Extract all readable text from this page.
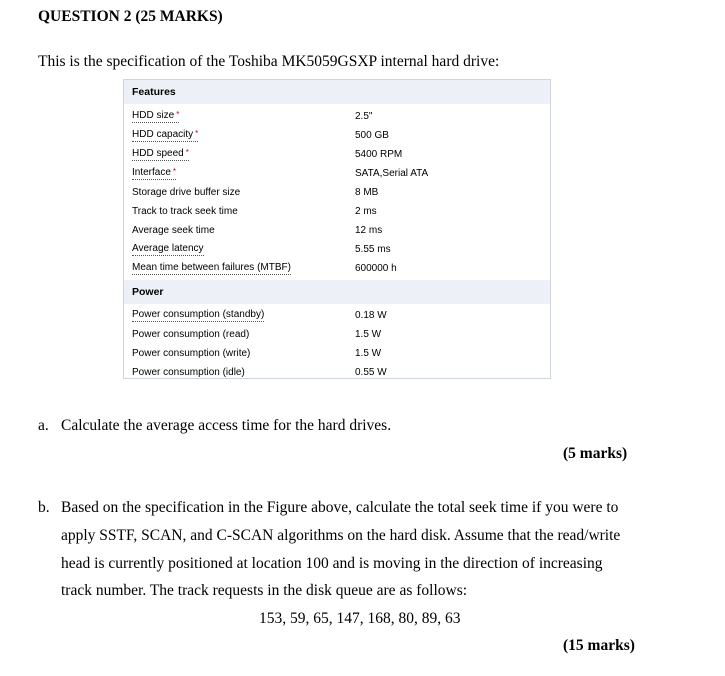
QUESTION 2 (25 MARKS)
This is the specification of the Toshiba MK5059GSXP internal hard drive:
Features
HDD size *	2.5"
HDD capacity *	500 GB
HDD speed *	5400 RPM
Interface *	SATA,Serial ATA
Storage drive buffer size	8 MB
Track to track seek time	2 ms
Average seek time	12 ms
Average latency	5.55 ms
Mean time between failures (MTBF)	600000 h
Power
Power consumption (standby)	0.18 W
Power consumption (read)	1.5 W
Power consumption (write)	1.5 W
Power consumption (idle)	0.55 W
a. Calculate the average access time for the hard drives.
(5 marks)
b. Based on the specification in the Figure above, calculate the total seek time if you were to
apply SSTF, SCAN, and C-SCAN algorithms on the hard disk. Assume that the read/write
head is currently positioned at location 100 and is moving in the direction of increasing
track number. The track requests in the disk queue are as follows:
153, 59, 65, 147, 168, 80, 89, 63
(15 marks)
